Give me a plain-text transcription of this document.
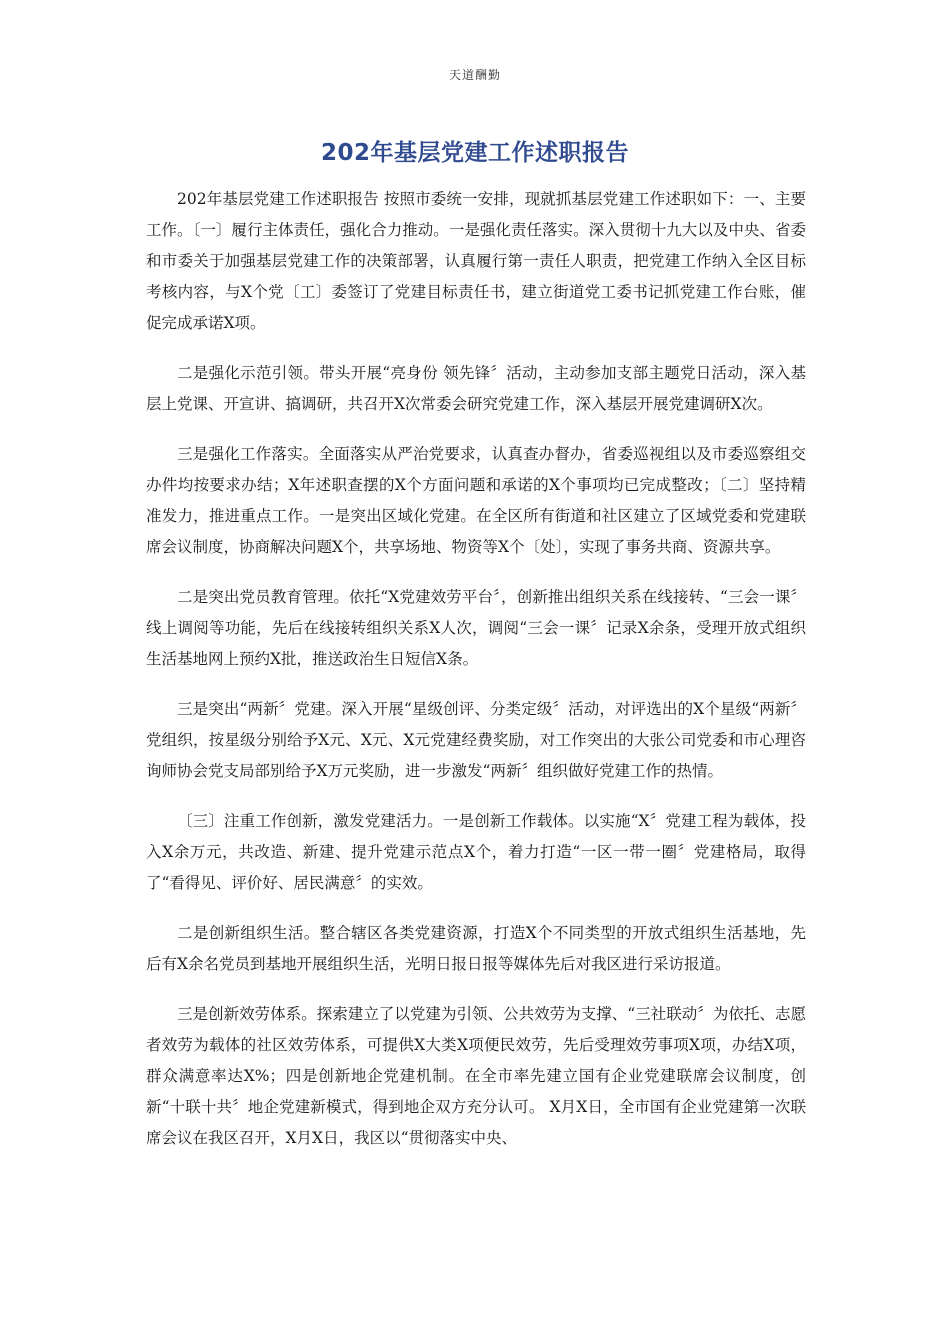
天道酬勤
202年基层党建工作述职报告

202年基层党建工作述职报告 按照市委统一安排，现就抓基层党建工作述职如下：一、主要工作。〔一〕履行主体责任，强化合力推动。一是强化责任落实。深入贯彻十九大以及中央、省委和市委关于加强基层党建工作的决策部署，认真履行第一责任人职责，把党建工作纳入全区目标考核内容，与X个党〔工〕委签订了党建目标责任书，建立街道党工委书记抓党建工作台账，催促完成承诺X项。

二是强化示范引领。带头开展“亮身份 领先锋〞活动，主动参加支部主题党日活动，深入基层上党课、开宣讲、搞调研，共召开X次常委会研究党建工作，深入基层开展党建调研X次。

三是强化工作落实。全面落实从严治党要求，认真查办督办，省委巡视组以及市委巡察组交办件均按要求办结；X年述职查摆的X个方面问题和承诺的X个事项均已完成整改；〔二〕坚持精准发力，推进重点工作。一是突出区域化党建。在全区所有街道和社区建立了区域党委和党建联席会议制度，协商解决问题X个，共享场地、物资等X个〔处〕，实现了事务共商、资源共享。

二是突出党员教育管理。依托“X党建效劳平台〞，创新推出组织关系在线接转、“三会一课〞线上调阅等功能，先后在线接转组织关系X人次，调阅“三会一课〞记录X余条，受理开放式组织生活基地网上预约X批，推送政治生日短信X条。

三是突出“两新〞党建。深入开展“星级创评、分类定级〞活动，对评选出的X个星级“两新〞党组织，按星级分别给予X元、X元、X元党建经费奖励，对工作突出的大张公司党委和市心理咨询师协会党支局部别给予X万元奖励，进一步激发“两新〞组织做好党建工作的热情。

〔三〕注重工作创新，激发党建活力。一是创新工作载体。以实施“X〞党建工程为载体，投入X余万元，共改造、新建、提升党建示范点X个，着力打造“一区一带一圈〞党建格局，取得了“看得见、评价好、居民满意〞的实效。

二是创新组织生活。整合辖区各类党建资源，打造X个不同类型的开放式组织生活基地，先后有X余名党员到基地开展组织生活，光明日报日报等媒体先后对我区进行采访报道。

三是创新效劳体系。探索建立了以党建为引领、公共效劳为支撑、“三社联动〞为依托、志愿者效劳为载体的社区效劳体系，可提供X大类X项便民效劳，先后受理效劳事项X项，办结X项，群众满意率达X%；四是创新地企党建机制。在全市率先建立国有企业党建联席会议制度，创新“十联十共〞地企党建新模式，得到地企双方充分认可。 X月X日，全市国有企业党建第一次联席会议在我区召开，X月X日，我区以“贯彻落实中央、
